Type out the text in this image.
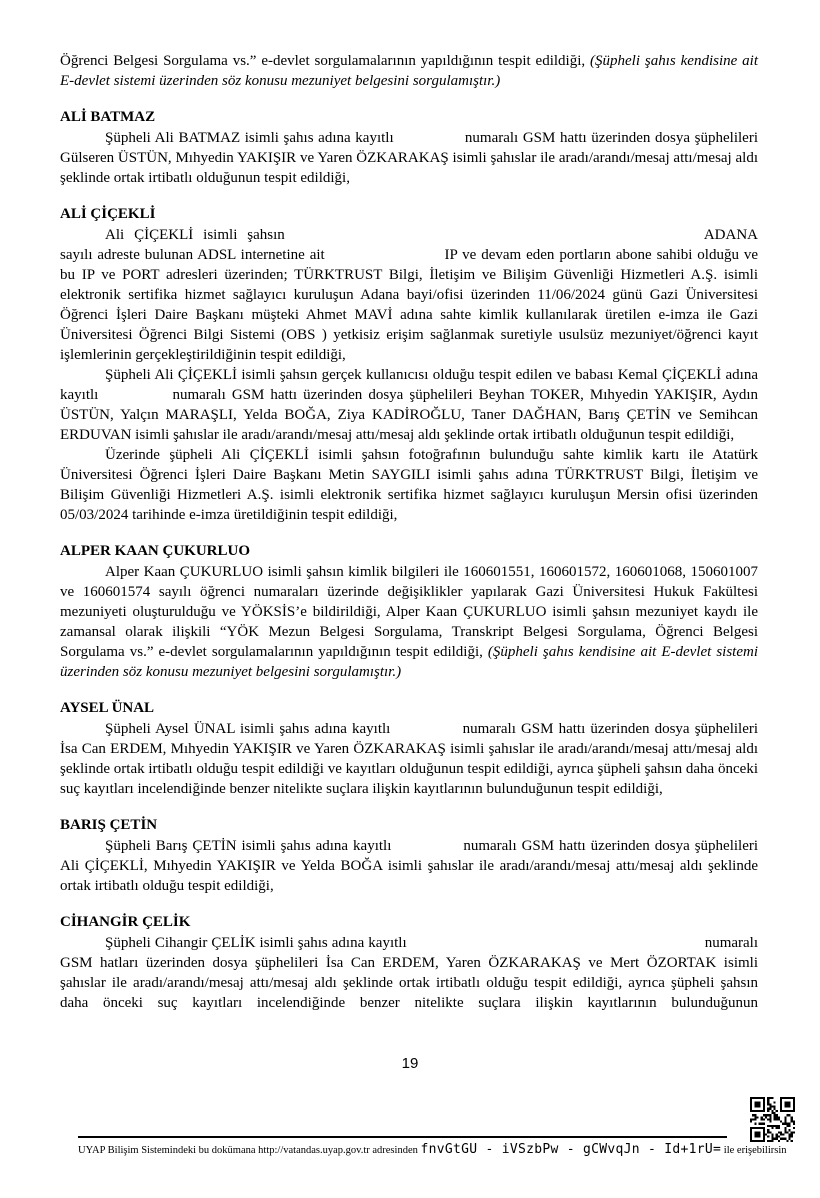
Öğrenci Belgesi Sorgulama vs.” e-devlet sorgulamalarının yapıldığının tespit edildiği, (Şüpheli şahıs kendisine ait E-devlet sistemi üzerinden söz konusu mezuniyet belgesini sorgulamıştır.)

ALİ BATMAZ

Şüpheli Ali BATMAZ isimli şahıs adına kayıtlı	numaralı GSM hattı üzerinden dosya şüphelileri Gülseren ÜSTÜN, Mıhyedin YAKIŞIR ve Yaren ÖZKARAKAŞ isimli şahıslar ile aradı/arandı/mesaj attı/mesaj aldı şeklinde ortak irtibatlı olduğunun tespit edildiği,

ALİ ÇİÇEKLİ

Ali ÇİÇEKLİ isimli şahsın	ADANA sayılı adreste bulunan ADSL internetine ait	IP ve devam eden portların abone sahibi olduğu ve bu IP ve PORT adresleri üzerinden; TÜRKTRUST Bilgi, İletişim ve Bilişim Güvenliği Hizmetleri A.Ş. isimli elektronik sertifika hizmet sağlayıcı kuruluşun Adana bayi/ofisi üzerinden 11/06/2024 günü Gazi Üniversitesi Öğrenci İşleri Daire Başkanı müşteki Ahmet MAVİ adına sahte kimlik kullanılarak üretilen e-imza ile Gazi Üniversitesi Öğrenci Bilgi Sistemi (OBS ) yetkisiz erişim sağlanmak suretiyle usulsüz mezuniyet/öğrenci kayıt işlemlerinin gerçekleştirildiğinin tespit edildiği,

Şüpheli Ali ÇİÇEKLİ isimli şahsın gerçek kullanıcısı olduğu tespit edilen ve babası Kemal ÇİÇEKLİ adına kayıtlı	numaralı GSM hattı üzerinden dosya şüphelileri Beyhan TOKER, Mıhyedin YAKIŞIR, Aydın ÜSTÜN, Yalçın MARAŞLI, Yelda BOĞA, Ziya KADİROĞLU, Taner DAĞHAN, Barış ÇETİN ve Semihcan ERDUVAN isimli şahıslar ile aradı/arandı/mesaj attı/mesaj aldı şeklinde ortak irtibatlı olduğunun tespit edildiği,

Üzerinde şüpheli Ali ÇİÇEKLİ isimli şahsın fotoğrafının bulunduğu sahte kimlik kartı ile Atatürk Üniversitesi Öğrenci İşleri Daire Başkanı Metin SAYGILI isimli şahıs adına TÜRKTRUST Bilgi, İletişim ve Bilişim Güvenliği Hizmetleri A.Ş. isimli elektronik sertifika hizmet sağlayıcı kuruluşun Mersin ofisi üzerinden 05/03/2024 tarihinde e-imza üretildiğinin tespit edildiği,

ALPER KAAN ÇUKURLUO

Alper Kaan ÇUKURLUO isimli şahsın kimlik bilgileri ile 160601551, 160601572, 160601068, 150601007 ve 160601574 sayılı öğrenci numaraları üzerinde değişiklikler yapılarak Gazi Üniversitesi Hukuk Fakültesi mezuniyeti oluşturulduğu ve YÖKSİS’e bildirildiği, Alper Kaan ÇUKURLUO isimli şahsın mezuniyet kaydı ile zamansal olarak ilişkili “YÖK Mezun Belgesi Sorgulama, Transkript Belgesi Sorgulama, Öğrenci Belgesi Sorgulama vs.” e-devlet sorgulamalarının yapıldığının tespit edildiği, (Şüpheli şahıs kendisine ait E-devlet sistemi üzerinden söz konusu mezuniyet belgesini sorgulamıştır.)

AYSEL ÜNAL

Şüpheli Aysel ÜNAL isimli şahıs adına kayıtlı	numaralı GSM hattı üzerinden dosya şüphelileri İsa Can ERDEM, Mıhyedin YAKIŞIR ve Yaren ÖZKARAKAŞ isimli şahıslar ile aradı/arandı/mesaj attı/mesaj aldı şeklinde ortak irtibatlı olduğu tespit edildiği ve kayıtları olduğunun tespit edildiği, ayrıca şüpheli şahsın daha önceki suç kayıtları incelendiğinde benzer nitelikte suçlara ilişkin kayıtlarının bulunduğunun tespit edildiği,

BARIŞ ÇETİN

Şüpheli Barış ÇETİN isimli şahıs adına kayıtlı	numaralı GSM hattı üzerinden dosya şüphelileri Ali ÇİÇEKLİ, Mıhyedin YAKIŞIR ve Yelda BOĞA isimli şahıslar ile aradı/arandı/mesaj attı/mesaj aldı şeklinde ortak irtibatlı olduğu tespit edildiği,

CİHANGİR ÇELİK

Şüpheli Cihangir ÇELİK isimli şahıs adına kayıtlı	numaralı GSM hatları üzerinden dosya şüphelileri İsa Can ERDEM, Yaren ÖZKARAKAŞ ve Mert ÖZORTAK isimli şahıslar ile aradı/arandı/mesaj attı/mesaj aldı şeklinde ortak irtibatlı olduğu tespit edildiği, ayrıca şüpheli şahsın daha önceki suç kayıtları incelendiğinde benzer nitelikte suçlara ilişkin kayıtlarının bulunduğunun

19
UYAP Bilişim Sistemindeki bu dokümana http://vatandas.uyap.gov.tr adresinden fnvGtGU - iVSzbPw - gCWvqJn - Id+1rU= ile erişebilirsin
